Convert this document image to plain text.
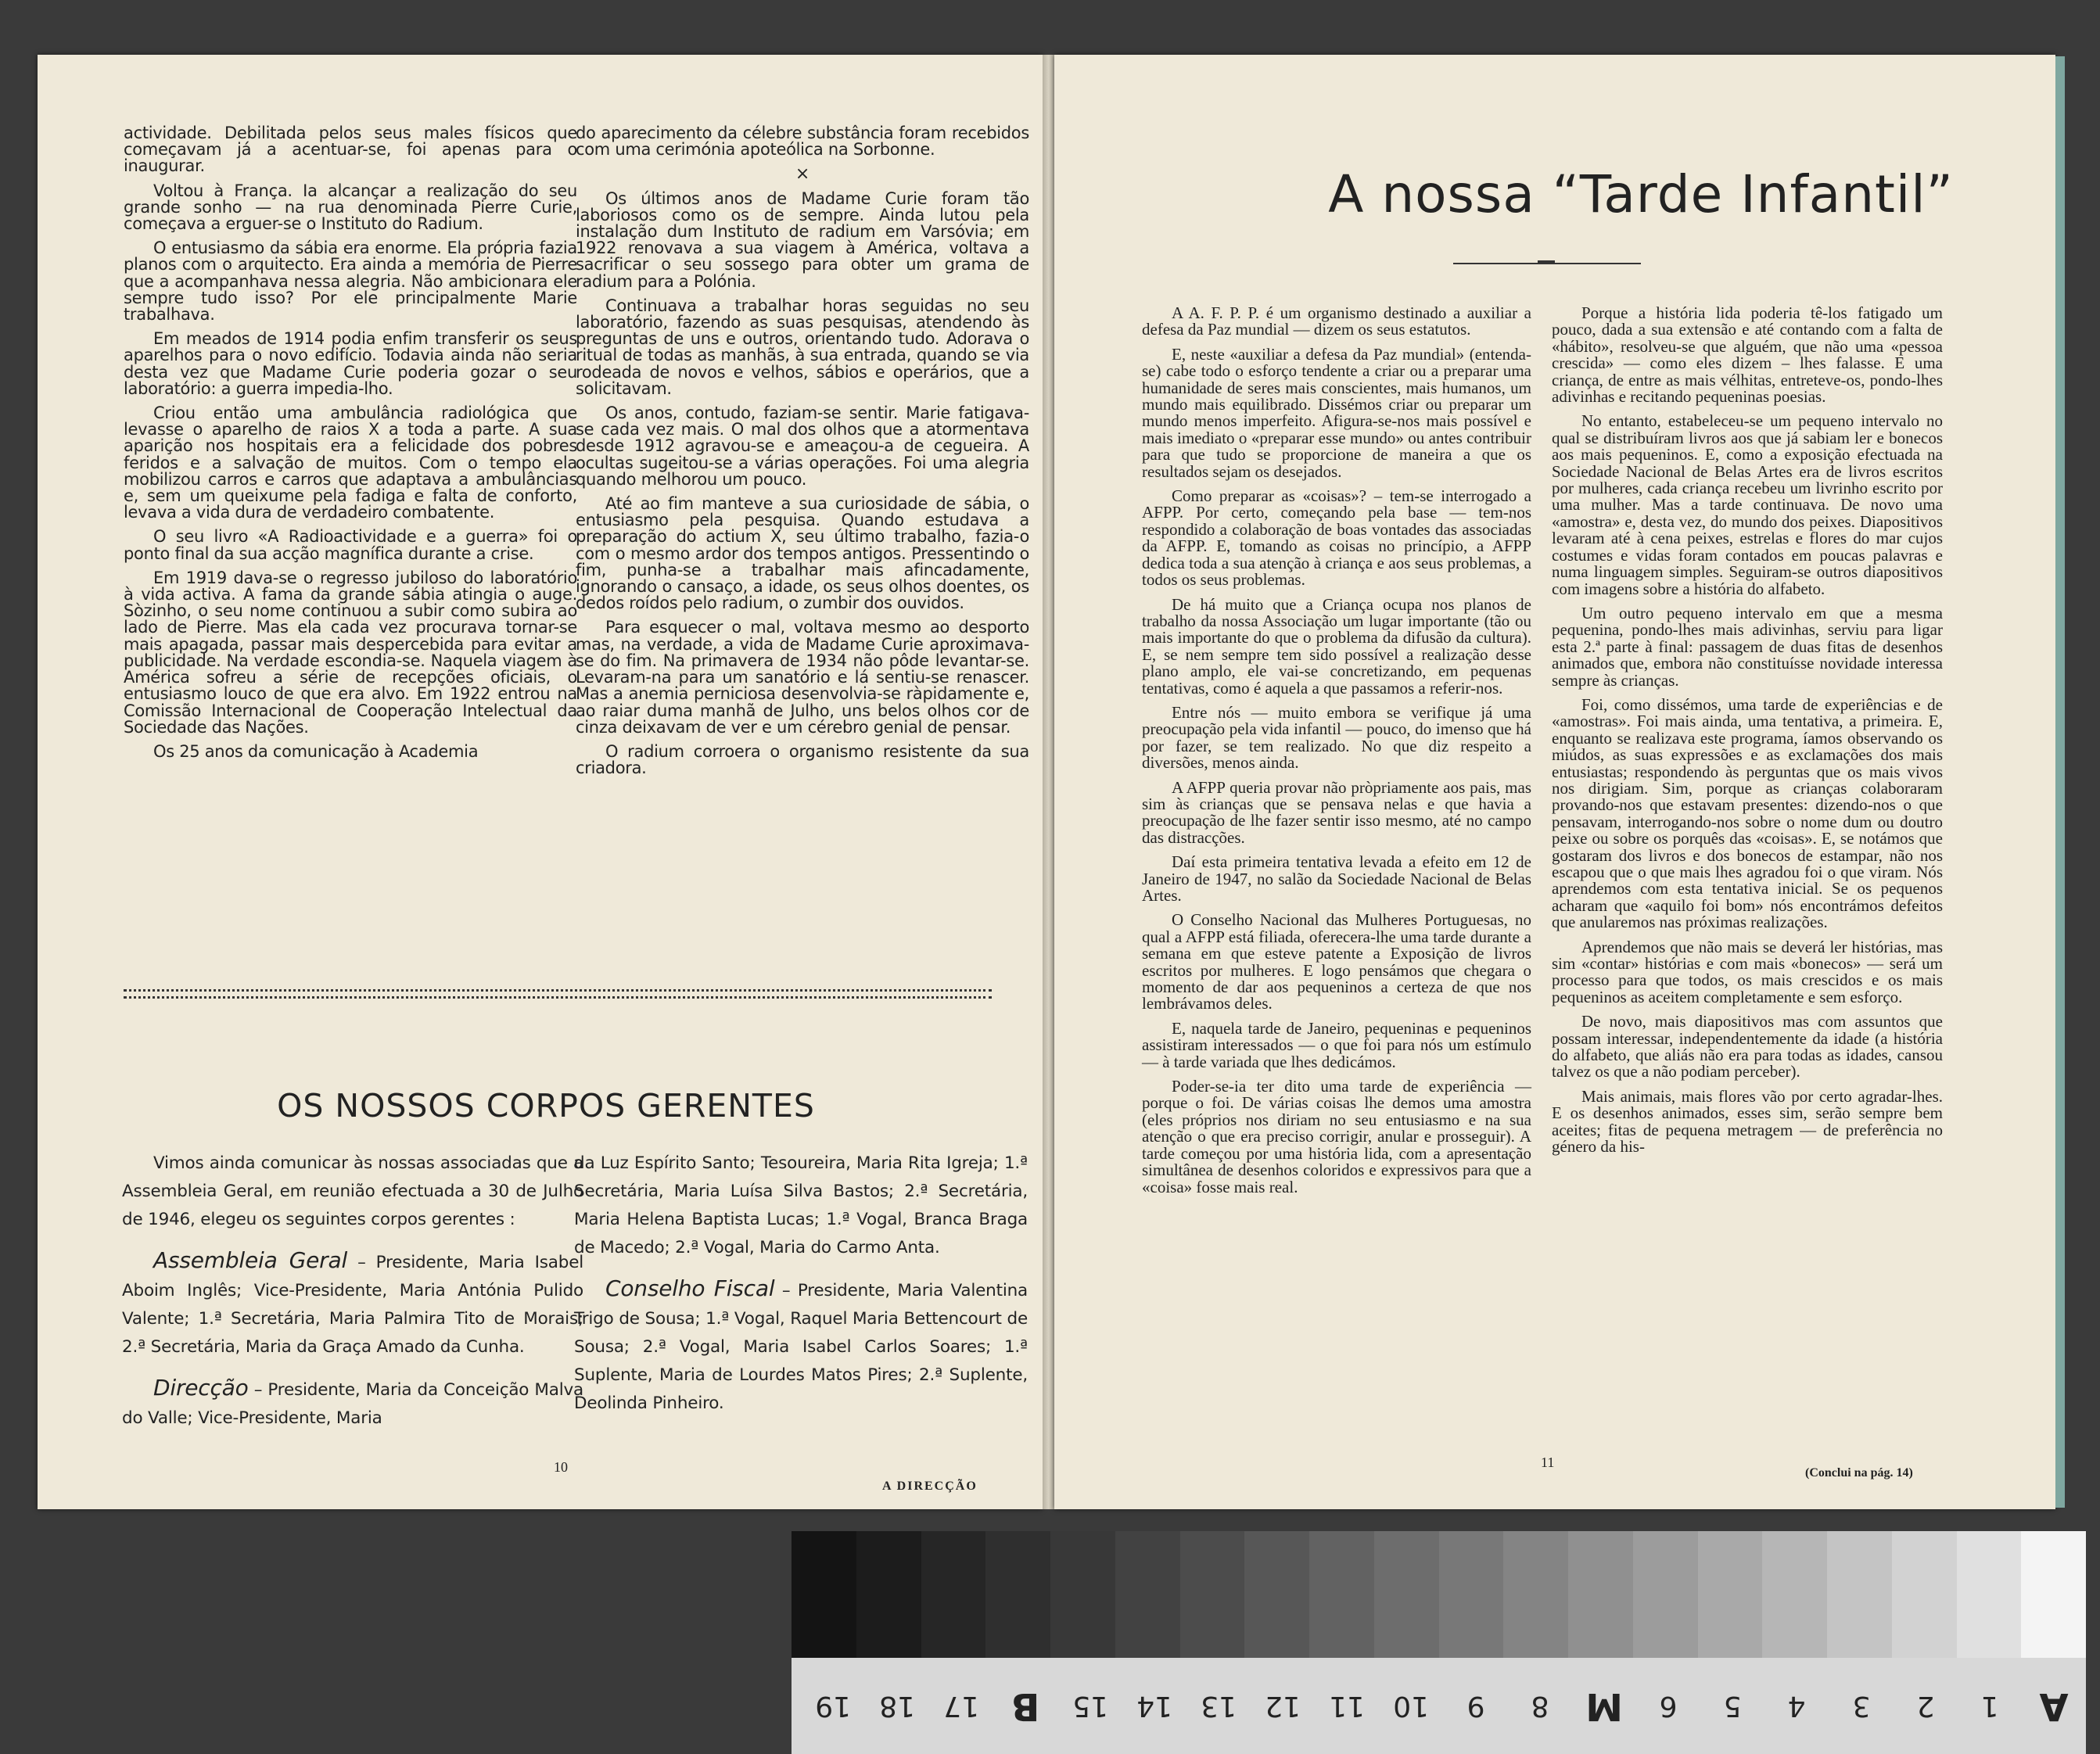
actividade. Debilitada pelos seus males físicos que começavam já a acentuar-se, foi apenas para o inaugurar.

Voltou à França. Ia alcançar a realização do seu grande sonho — na rua denominada Pierre Curie, começava a erguer-se o Instituto do Radium.

O entusiasmo da sábia era enorme. Ela própria fazia planos com o arquitecto. Era ainda a memória de Pierre que a acompanhava nessa alegria. Não ambicionara ele sempre tudo isso? Por ele principalmente Marie trabalhava.

Em meados de 1914 podia enfim transferir os seus aparelhos para o novo edifício. Todavia ainda não seria desta vez que Madame Curie poderia gozar o seu laboratório: a guerra impedia-lho.

Criou então uma ambulância radiológica que levasse o aparelho de raios X a toda a parte. A sua aparição nos hospitais era a felicidade dos pobres feridos e a salvação de muitos. Com o tempo ela mobilizou carros e carros que adaptava a ambulâncias e, sem um queixume pela fadiga e falta de conforto, levava a vida dura de verdadeiro combatente.

O seu livro «A Radioactividade e a guerra» foi o ponto final da sua acção magnífica durante a crise.

Em 1919 dava-se o regresso jubiloso do laboratório à vida activa. A fama da grande sábia atingia o auge. Sòzinho, o seu nome continuou a subir como subira ao lado de Pierre. Mas ela cada vez procurava tornar-se mais apagada, passar mais despercebida para evitar a publicidade. Na verdade escondia-se. Naquela viagem à América sofreu a série de recepções oficiais, o entusiasmo louco de que era alvo. Em 1922 entrou na Comissão Internacional de Cooperação Intelectual da Sociedade das Nações.

Os 25 anos da comunicação à Academia

do aparecimento da célebre substância foram recebidos com uma cerimónia apoteólica na Sorbonne.

×

Os últimos anos de Madame Curie foram tão laboriosos como os de sempre. Ainda lutou pela instalação dum Instituto de radium em Varsóvia; em 1922 renovava a sua viagem à América, voltava a sacrificar o seu sossego para obter um grama de radium para a Polónia.

Continuava a trabalhar horas seguidas no seu laboratório, fazendo as suas pesquisas, atendendo às preguntas de uns e outros, orientando tudo. Adorava o ritual de todas as manhãs, à sua entrada, quando se via rodeada de novos e velhos, sábios e operários, que a solicitavam.

Os anos, contudo, faziam-se sentir. Marie fatigava-se cada vez mais. O mal dos olhos que a atormentava desde 1912 agravou-se e ameaçou-a de cegueira. A ocultas sugeitou-se a várias operações. Foi uma alegria quando melhorou um pouco.

Até ao fim manteve a sua curiosidade de sábia, o entusiasmo pela pesquisa. Quando estudava a preparação do actium X, seu último trabalho, fazia-o com o mesmo ardor dos tempos antigos. Pressentindo o fim, punha-se a trabalhar mais afincadamente, ignorando o cansaço, a idade, os seus olhos doentes, os dedos roídos pelo radium, o zumbir dos ouvidos.

Para esquecer o mal, voltava mesmo ao desporto mas, na verdade, a vida de Madame Curie aproximava-se do fim. Na primavera de 1934 não pôde levantar-se. Levaram-na para um sanatório e lá sentiu-se renascer. Mas a anemia perniciosa desenvolvia-se ràpidamente e, ao raiar duma manhã de Julho, uns belos olhos cor de cinza deixavam de ver e um cérebro genial de pensar.

O radium corroera o organismo resistente da sua criadora.

OS NOSSOS CORPOS GERENTES

Vimos ainda comunicar às nossas associadas que a Assembleia Geral, em reunião efectuada a 30 de Julho de 1946, elegeu os seguintes corpos gerentes :

Assembleia Geral – Presidente, Maria Isabel Aboim Inglês; Vice-Presidente, Maria Antónia Pulido Valente; 1.ª Secretária, Maria Palmira Tito de Morais; 2.ª Secretária, Maria da Graça Amado da Cunha.

Direcção – Presidente, Maria da Conceição Malva do Valle; Vice-Presidente, Maria

da Luz Espírito Santo; Tesoureira, Maria Rita Igreja; 1.ª Secretária, Maria Luísa Silva Bastos; 2.ª Secretária, Maria Helena Baptista Lucas; 1.ª Vogal, Branca Braga de Macedo; 2.ª Vogal, Maria do Carmo Anta.

Conselho Fiscal – Presidente, Maria Valentina Trigo de Sousa; 1.ª Vogal, Raquel Maria Bettencourt de Sousa; 2.ª Vogal, Maria Isabel Carlos Soares; 1.ª Suplente, Maria de Lourdes Matos Pires; 2.ª Suplente, Deolinda Pinheiro.

A DIRECÇÃO
10
A nossa “Tarde Infantil”

A A. F. P. P. é um organismo destinado a auxiliar a defesa da Paz mundial — dizem os seus estatutos.

E, neste «auxiliar a defesa da Paz mundial» (entenda-se) cabe todo o esforço tendente a criar ou a preparar uma humanidade de seres mais conscientes, mais humanos, um mundo mais equilibrado. Dissémos criar ou preparar um mundo menos imperfeito. Afigura-se-nos mais possível e mais imediato o «preparar esse mundo» ou antes contribuir para que tudo se proporcione de maneira a que os resultados sejam os desejados.

Como preparar as «coisas»? – tem-se interrogado a AFPP. Por certo, começando pela base — tem-nos respondido a colaboração de boas vontades das associadas da AFPP. E, tomando as coisas no princípio, a AFPP dedica toda a sua atenção à criança e aos seus problemas, a todos os seus problemas.

De há muito que a Criança ocupa nos planos de trabalho da nossa Associação um lugar importante (tão ou mais importante do que o problema da difusão da cultura). E, se nem sempre tem sido possível a realização desse plano amplo, ele vai-se concretizando, em pequenas tentativas, como é aquela a que passamos a referir-nos.

Entre nós — muito embora se verifique já uma preocupação pela vida infantil — pouco, do imenso que há por fazer, se tem realizado. No que diz respeito a diversões, menos ainda.

A AFPP queria provar não pròpriamente aos pais, mas sim às crianças que se pensava nelas e que havia a preocupação de lhe fazer sentir isso mesmo, até no campo das distracções.

Daí esta primeira tentativa levada a efeito em 12 de Janeiro de 1947, no salão da Sociedade Nacional de Belas Artes.

O Conselho Nacional das Mulheres Portuguesas, no qual a AFPP está filiada, oferecera-lhe uma tarde durante a semana em que esteve patente a Exposição de livros escritos por mulheres. E logo pensámos que chegara o momento de dar aos pequeninos a certeza de que nos lembrávamos deles.

E, naquela tarde de Janeiro, pequeninas e pequeninos assistiram interessados — o que foi para nós um estímulo — à tarde variada que lhes dedicámos.

Poder-se-ia ter dito uma tarde de experiência — porque o foi. De várias coisas lhe demos uma amostra (eles próprios nos diriam no seu entusiasmo e na sua atenção o que era preciso corrigir, anular e prosseguir). A tarde começou por uma história lida, com a apresentação simultânea de desenhos coloridos e expressivos para que a «coisa» fosse mais real.

Porque a história lida poderia tê-los fatigado um pouco, dada a sua extensão e até contando com a falta de «hábito», resolveu-se que alguém, que não uma «pessoa crescida» — como eles dizem – lhes falasse. E uma criança, de entre as mais vélhitas, entreteve-os, pondo-lhes adivinhas e recitando pequeninas poesias.

No entanto, estabeleceu-se um pequeno intervalo no qual se distribuíram livros aos que já sabiam ler e bonecos aos mais pequeninos. E, como a exposição efectuada na Sociedade Nacional de Belas Artes era de livros escritos por mulheres, cada criança recebeu um livrinho escrito por uma mulher. Mas a tarde continuava. De novo uma «amostra» e, desta vez, do mundo dos peixes. Diapositivos levaram até à cena peixes, estrelas e flores do mar cujos costumes e vidas foram contados em poucas palavras e numa linguagem simples. Seguiram-se outros diapositivos com imagens sobre a história do alfabeto.

Um outro pequeno intervalo em que a mesma pequenina, pondo-lhes mais adivinhas, serviu para ligar esta 2.ª parte à final: passagem de duas fitas de desenhos animados que, embora não constituísse novidade interessa sempre às crianças.

Foi, como dissémos, uma tarde de experiências e de «amostras». Foi mais ainda, uma tentativa, a primeira. E, enquanto se realizava este programa, íamos observando os miúdos, as suas expressões e as exclamações dos mais entusiastas; respondendo às perguntas que os mais vivos nos dirigiam. Sim, porque as crianças colaboraram provando-nos que estavam presentes: dizendo-nos o que pensavam, interrogando-nos sobre o nome dum ou doutro peixe ou sobre os porquês das «coisas». E, se notámos que gostaram dos livros e dos bonecos de estampar, não nos escapou que o que mais lhes agradou foi o que viram. Nós aprendemos com esta tentativa inicial. Se os pequenos acharam que «aquilo foi bom» nós encontrámos defeitos que anularemos nas próximas realizações.

Aprendemos que não mais se deverá ler histórias, mas sim «contar» histórias e com mais «bonecos» — será um processo para que todos, os mais crescidos e os mais pequeninos as aceitem completamente e sem esforço.

De novo, mais diapositivos mas com assuntos que possam interessar, independentemente da idade (a história do alfabeto, que aliás não era para todas as idades, cansou talvez os que a não podiam perceber).

Mais animais, mais flores vão por certo agradar-lhes. E os desenhos animados, esses sim, serão sempre bem aceites; fitas de pequena metragem — de preferência no género da his-

(Conclui na pág. 14)
11
19	18	17 B	15	14	13	12	11	10	9	8 M	6	5	4	3	2	1	A
